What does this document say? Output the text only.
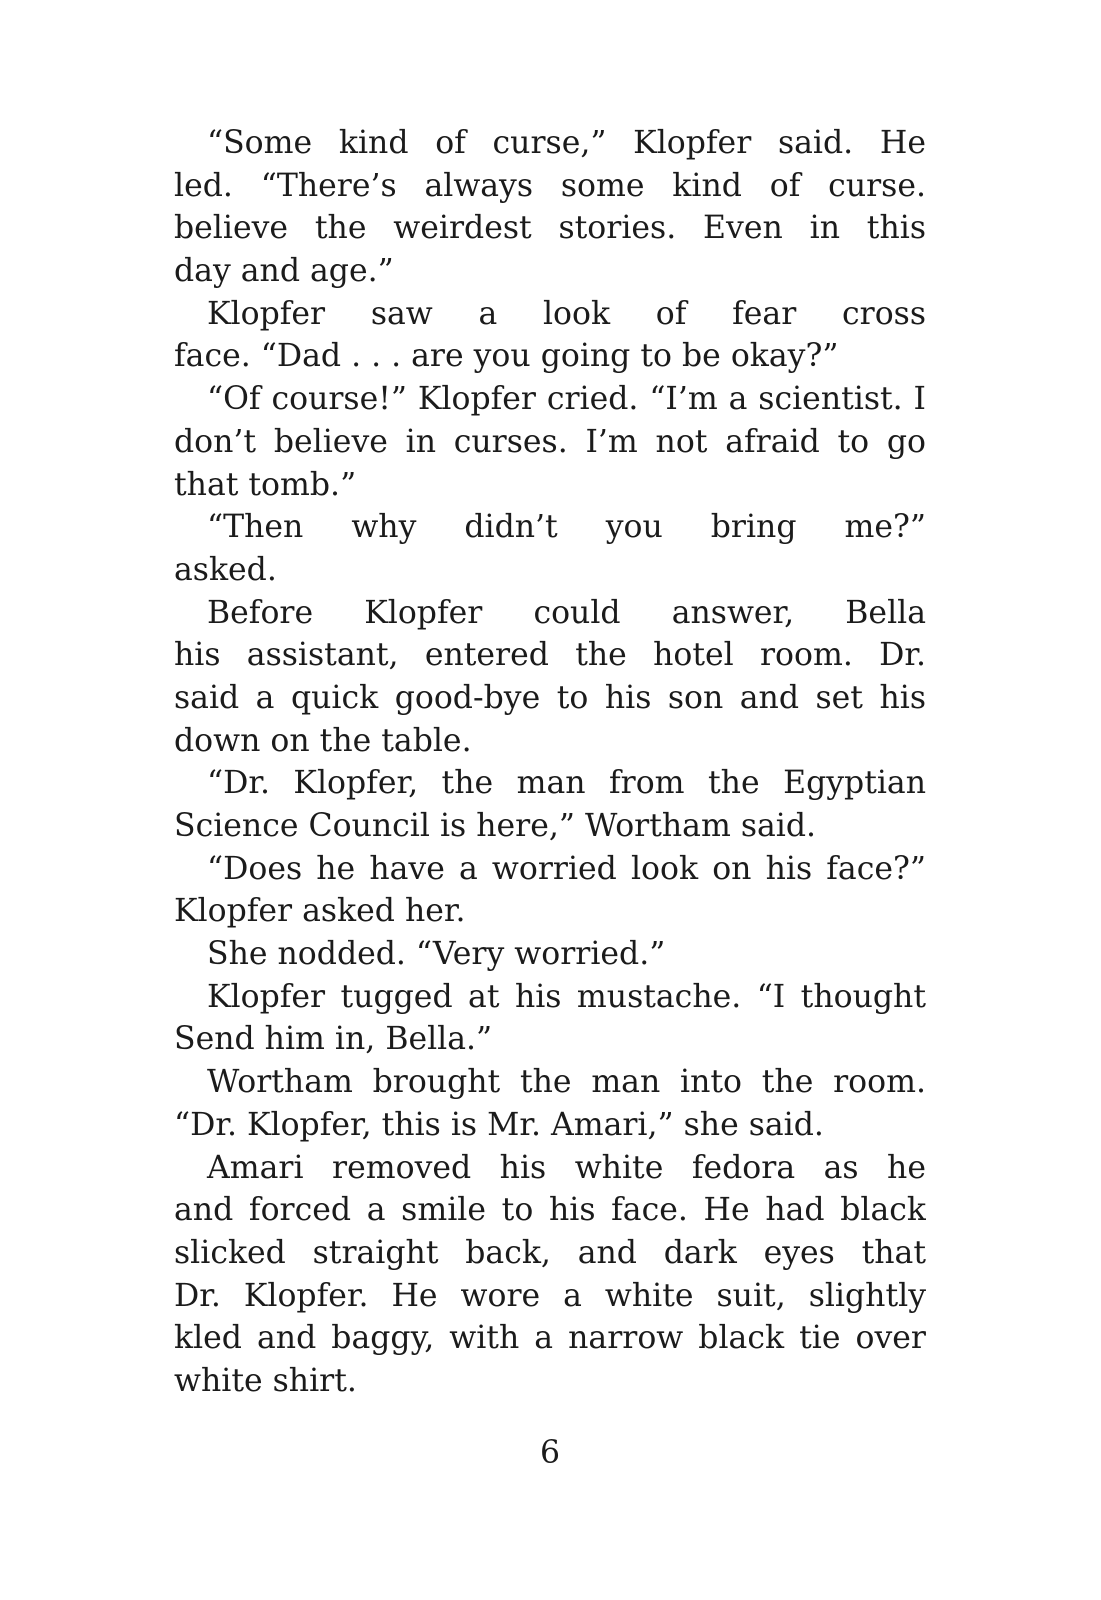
“Some kind of curse,” Klopfer said. He
led. “There’s always some kind of curse.
believe the weirdest stories. Even in this
day and age.”
Klopfer saw a look of fear cross
face. “Dad . . . are you going to be okay?”
“Of course!” Klopfer cried. “I’m a scientist. I
don’t believe in curses. I’m not afraid to go
that tomb.”
“Then why didn’t you bring me?”
asked.
Before Klopfer could answer, Bella
his assistant, entered the hotel room. Dr.
said a quick good-bye to his son and set his
down on the table.
“Dr. Klopfer, the man from the Egyptian
Science Council is here,” Wortham said.
“Does he have a worried look on his face?”
Klopfer asked her.
She nodded. “Very worried.”
Klopfer tugged at his mustache. “I thought
Send him in, Bella.”
Wortham brought the man into the room.
“Dr. Klopfer, this is Mr. Amari,” she said.
Amari removed his white fedora as he
and forced a smile to his face. He had black
slicked straight back, and dark eyes that
Dr. Klopfer. He wore a white suit, slightly
kled and baggy, with a narrow black tie over
white shirt.
6
